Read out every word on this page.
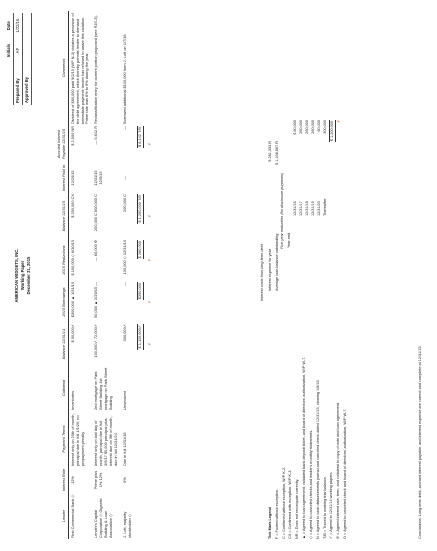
	Initials	Date
Prepared By	AF	1/22/16
Approved By		
AMERICAN WIDGETS, INC. Working Paper December 31, 2015
Lender	Interest Rate	Payment Terms	Collateral	Balance 12/31/14	2015 Borrowings	2015 Reductions	Balance 12/31/15	Interest Paid to	Accrued Interest Payable 12/31/15	Comments
First Commercial Bank ◇	12%	Interest only on 25th of month, principal due in full 1/1/20; no prepayment penalty	Inventories	$ 50,000✓	$300,000 ▲ 1/31/15	$ 100,000 ◇ 6/30/15	$ 250,000 CX	12/25/15	$ 2,500 NR	Dividend of $80,000 paid 9/2/15 (WP N-3) violates a provision of the debt agreement, which thereby permits lender to demand immediate payment; lender has refused to waive this violation. Prime rate was 8% to 9% during the year.
Lender's Capital Corporation ◇ Gigantic Building & Loan Association ◇	Prime plus 1% 12%	Interest only on last day of month, principal due in full 3/5/17 $5,000 principal plus interest due on 5th of month, due in full 12/31/24	2nd mortgage on Park Street Building 1st mortgage on Park Street Building	100,000✓ 72,000✓	50,000 ▲ 2/29/15 —	— 60,000 Φ	200,000 C 600,000 C	12/31/15 12/5/15	— 5,642 R	Reclassification entry for current portion proposed (see RJE-3).
J. Lott, majority stockholder ◇	0%	Due in full 12/31/18	Unsecured	300,000✓	—	100,000 ◇ 12/31/15	200,000 C	—	—	Borrowed additional $100,000 from J. Lott on 1/7/16
				$ 1,110,000✓	$350,000	$ 260,000	$ 1,200,000 T/B		$ 8,142 T/B	
				F	F	F	F		F	
Tick Mark Legend F = Footed without exception. C = Confirmed without exception, W/P K-2. CX = Confirmed with exception, W/P K-3. NR = Does not recompute correctly. ▲ = Agreed to loan agreement, validated bank deposit ticket, and board of directors' authorization, W/P W-7. ◇ = Agreed to canceled checks and lender's monthly statements. N = Agreed to cash disbursements journal and canceled check dated 12/31/15, clearing 1/8/16. T/B = Traced to working trial balance. ✓ = Agreed to 12/31/14 working papers. Φ = Agreed interest rate, term, and collateral to copy of note and loan agreement. O = Agreed to canceled check and board of directors' authorization, W/P W-7.
Interest costs from long-term debt Interest expense for year
$ 281,333 R
Average loan balance outstanding
$ 1,406,667 R
Five-year maturities (for disclosure purposes) Year end		
	12/31/16	$ 60,000
	12/31/17	260,000
	12/31/18	260,000
	12/31/19	260,000
	12/31/20	60,000
	Thereafter	300,000
		$ 1,200,000
		F
Conclusions: Long-term debt, accrued interest payable, and interest expense are correct and complete at 12/31/15.
